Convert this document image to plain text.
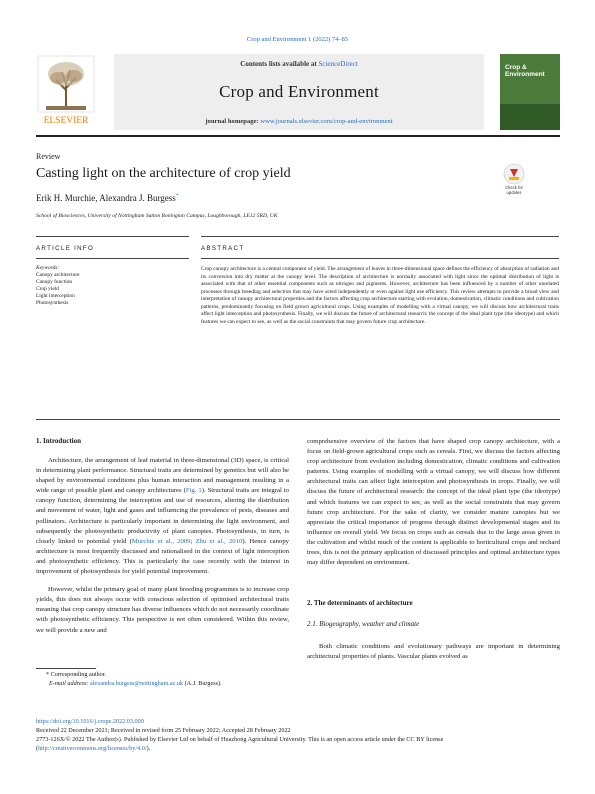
Crop and Environment 1 (2022) 74–85
ELSEVIER
Contents lists available at ScienceDirect
Crop and Environment
journal homepage: www.journals.elsevier.com/crop-and-environment
Crop &
Environment
Review
Casting light on the architecture of crop yield
Check for
updates
Erik H. Murchie, Alexandra J. Burgess*
School of Biosciences, University of Nottingham Sutton Bonington Campus, Loughborough, LE12 5RD, UK
ARTICLE INFO	ABSTRACT
Keywords:
Canopy architecture
Canopy function
Crop yield
Light interception
Photosynthesis
Crop canopy architecture is a central component of yield. The arrangement of leaves in three-dimensional space defines the efficiency of absorption of radiation and its conversion into dry matter at the canopy level. The description of architecture is normally associated with light since the optimal distribution of light is associated with that of other essential components such as nitrogen and pigments. However, architecture has been influenced by a number of other unrelated processes through breeding and selection that may have acted independently or even against light use efficiency. This review attempts to provide a broad view and interpretation of canopy architectural properties and the factors affecting crop architecture starting with evolution, domestication, climatic conditions and cultivation patterns, predominantly focusing on field grown agricultural crops. Using examples of modelling with a virtual canopy, we will discuss how architectural traits affect light interception and photosynthesis. Finally, we will discuss the future of architectural research: the concept of the ideal plant type (the ideotype) and which features we can expect to see, as well as the social constraints that may govern future crop architecture.
1. Introduction

Architecture, the arrangement of leaf material in three-dimensional (3D) space, is critical in determining plant performance. Structural traits are determined by genetics but will also be shaped by environmental conditions plus human interaction and management resulting in a wide range of possible plant and canopy architectures (Fig. 1). Structural traits are integral to canopy function, determining the interception and use of resources, altering the distribution and movement of water, light and gases and influencing the prevalence of pests, diseases and pollinators. Architecture is particularly important in determining the light environment, and subsequently the photosynthetic productivity of plant canopies. Photosynthesis, in turn, is closely linked to potential yield (Murchie et al., 2009; Zhu et al., 2010). Hence canopy architecture is most frequently discussed and rationalised in the context of light interception and photosynthetic efficiency. This is particularly the case recently with the interest in improvement of photosynthesis for yield potential improvement.

However, whilst the primary goal of many plant breeding programmes is to increase crop yields, this does not always occur with conscious selection of optimised architectural traits meaning that crop canopy structure has diverse influences which do not necessarily coordinate with photosynthetic efficiency. This perspective is not often considered. Within this review, we will provide a new and

comprehensive overview of the factors that have shaped crop canopy architecture, with a focus on field-grown agricultural crops such as cereals. First, we discuss the factors affecting crop architecture from evolution including domestication, climatic conditions and cultivation patterns. Using examples of modelling with a virtual canopy, we will discuss how different architectural traits can affect light interception and photosynthesis in crops. Finally, we will discuss the future of architectural research: the concept of the ideal plant type (the ideotype) and which features we can expect to see, as well as the social constraints that may govern future crop architecture. For the sake of clarity, we consider mature canopies but we appreciate the critical importance of progress through distinct developmental stages and its influence on overall yield. We focus on crops such as cereals due to the large areas given to the cultivation and whilst much of the content is applicable to horticultural crops and orchard trees, this is not the primary application of discussed principles and optimal architecture types may differ dependent on environment.

2. The determinants of architecture
2.1. Biogeography, weather and climate

Both climatic conditions and evolutionary pathways are important in determining architectural properties of plants. Vascular plants evolved as

* Corresponding author.
E-mail address: alexandra.burgess@nottingham.ac.uk (A.J. Burgess).
https://doi.org/10.1016/j.crope.2022.03.009
Received 22 December 2021; Received in revised form 25 February 2022; Accepted 28 February 2022
2773-126X/© 2022 The Author(s). Published by Elsevier Ltd on behalf of Huazhong Agricultural University. This is an open access article under the CC BY license
(http://creativecommons.org/licenses/by/4.0/).
